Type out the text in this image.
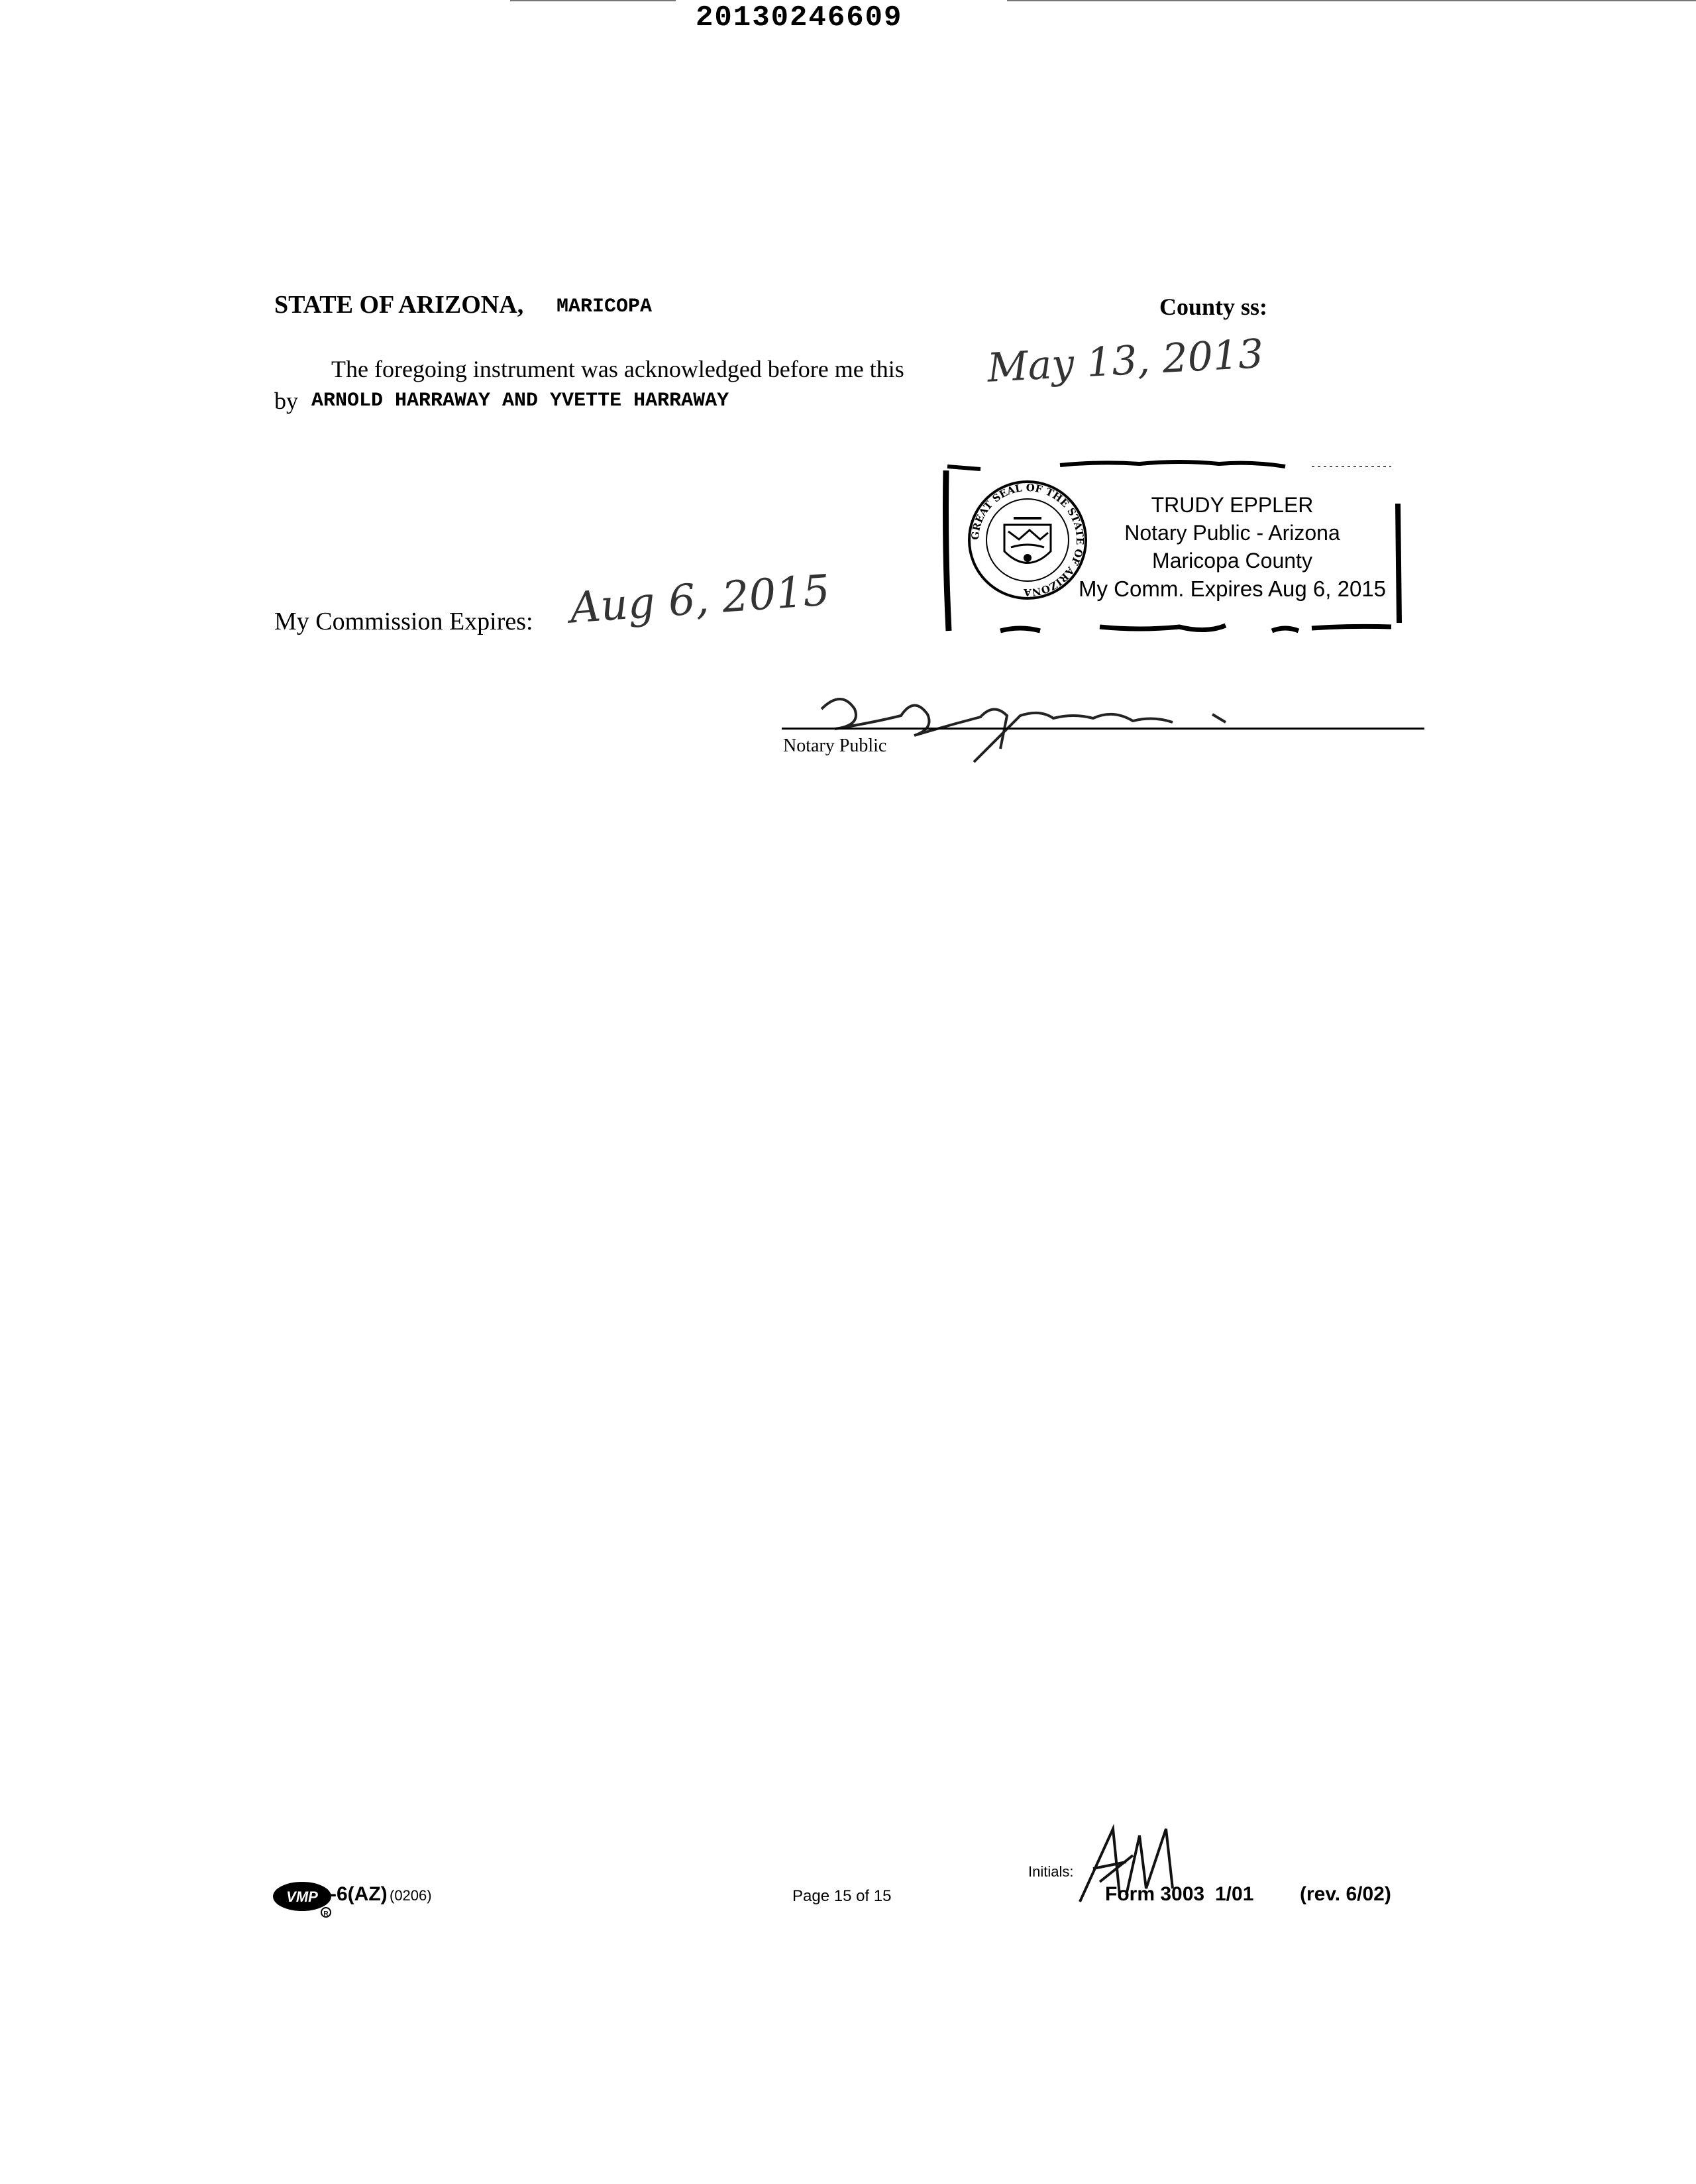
20130246609
STATE OF ARIZONA, MARICOPA	County ss:
The foregoing instrument was acknowledged before me this May 13, 2013
by ARNOLD HARRAWAY AND YVETTE HARRAWAY
GREAT SEAL OF THE STATE OF ARIZONA
TRUDY EPPLER
Notary Public - Arizona
Maricopa County
My Comm. Expires Aug 6, 2015
My Commission Expires: Aug 6, 2015
Notary Public
VMP
R
-6(AZ) (0206)	Page 15 of 15
Initials:
Form 3003 1/01 (rev. 6/02)
